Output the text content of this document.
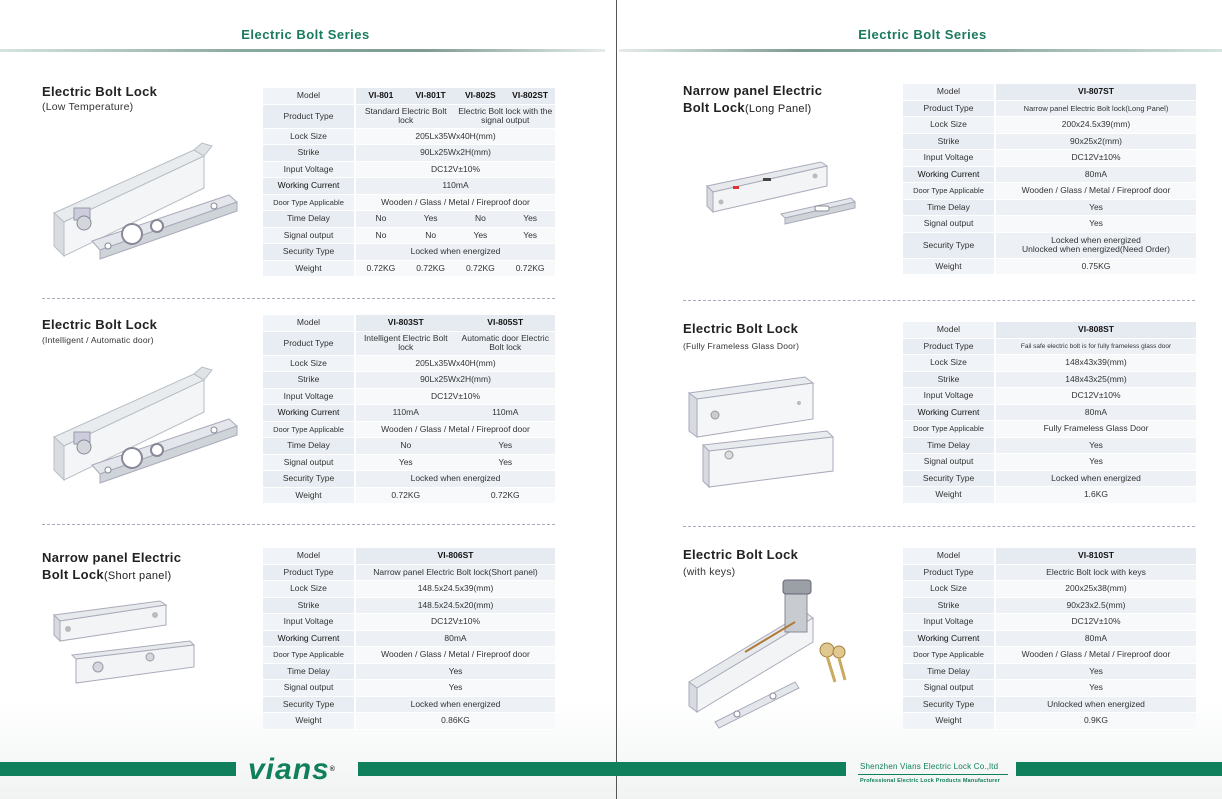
Electric Bolt Series
Electric Bolt Lock
(Low Temperature)
Model	VI-801	VI-801T	VI-802S	VI-802ST
Product Type	Standard Electric Bolt lock		Electric Bolt lock with the signal output	
Lock Size	205Lx35Wx40H(mm)			
Strike	90Lx25Wx2H(mm)			
Input Voltage	DC12V±10%			
Working Current	110mA			
Door Type Applicable	Wooden / Glass / Metal / Fireproof door			
Time Delay	No	Yes	No	Yes
Signal output	No	No	Yes	Yes
Security Type	Locked when energized			
Weight	0.72KG	0.72KG	0.72KG	0.72KG
Electric Bolt Lock
(Intelligent / Automatic door)
Model	VI-803ST	VI-805ST
Product Type	Intelligent Electric Bolt lock	Automatic door Electric Bolt lock
Lock Size	205Lx35Wx40H(mm)	
Strike	90Lx25Wx2H(mm)	
Input Voltage	DC12V±10%	
Working Current	110mA	110mA
Door Type Applicable	Wooden / Glass / Metal / Fireproof door	
Time Delay	No	Yes
Signal output	Yes	Yes
Security Type	Locked when energized	
Weight	0.72KG	0.72KG
Narrow panel Electric
Bolt Lock(Short panel)
Model	VI-806ST
Product Type	Narrow panel Electric Bolt lock(Short panel)
Lock Size	148.5x24.5x39(mm)
Strike	148.5x24.5x20(mm)
Input Voltage	DC12V±10%
Working Current	80mA
Door Type Applicable	Wooden / Glass / Metal / Fireproof door
Time Delay	Yes
Signal output	Yes
Security Type	Locked when energized
Weight	0.86KG
Electric Bolt Series
Narrow panel Electric
Bolt Lock(Long Panel)
Model	VI-807ST
Product Type	Narrow panel Electric Bolt lock(Long Panel)
Lock Size	200x24.5x39(mm)
Strike	90x25x2(mm)
Input Voltage	DC12V±10%
Working Current	80mA
Door Type Applicable	Wooden / Glass / Metal / Fireproof door
Time Delay	Yes
Signal output	Yes
Security Type	Locked when energized
Unlocked when energized(Need Order)

Weight	0.75KG
Electric Bolt Lock
(Fully Frameless Glass Door)
Model	VI-808ST
Product Type	Fail safe electric bolt is for fully frameless glass door
Lock Size	148x43x39(mm)
Strike	148x43x25(mm)
Input Voltage	DC12V±10%
Working Current	80mA
Door Type Applicable	Fully Frameless Glass Door
Time Delay	Yes
Signal output	Yes
Security Type	Locked when energized
Weight	1.6KG
Electric Bolt Lock
(with keys)
Model	VI-810ST
Product Type	Electric Bolt lock with keys
Lock Size	200x25x38(mm)
Strike	90x23x2.5(mm)
Input Voltage	DC12V±10%
Working Current	80mA
Door Type Applicable	Wooden / Glass / Metal / Fireproof door
Time Delay	Yes
Signal output	Yes
Security Type	Unlocked when energized
Weight	0.9KG
vians®	Shenzhen Vians Electric Lock Co.,ltd
Professional Electric Lock Products Manufacturer
